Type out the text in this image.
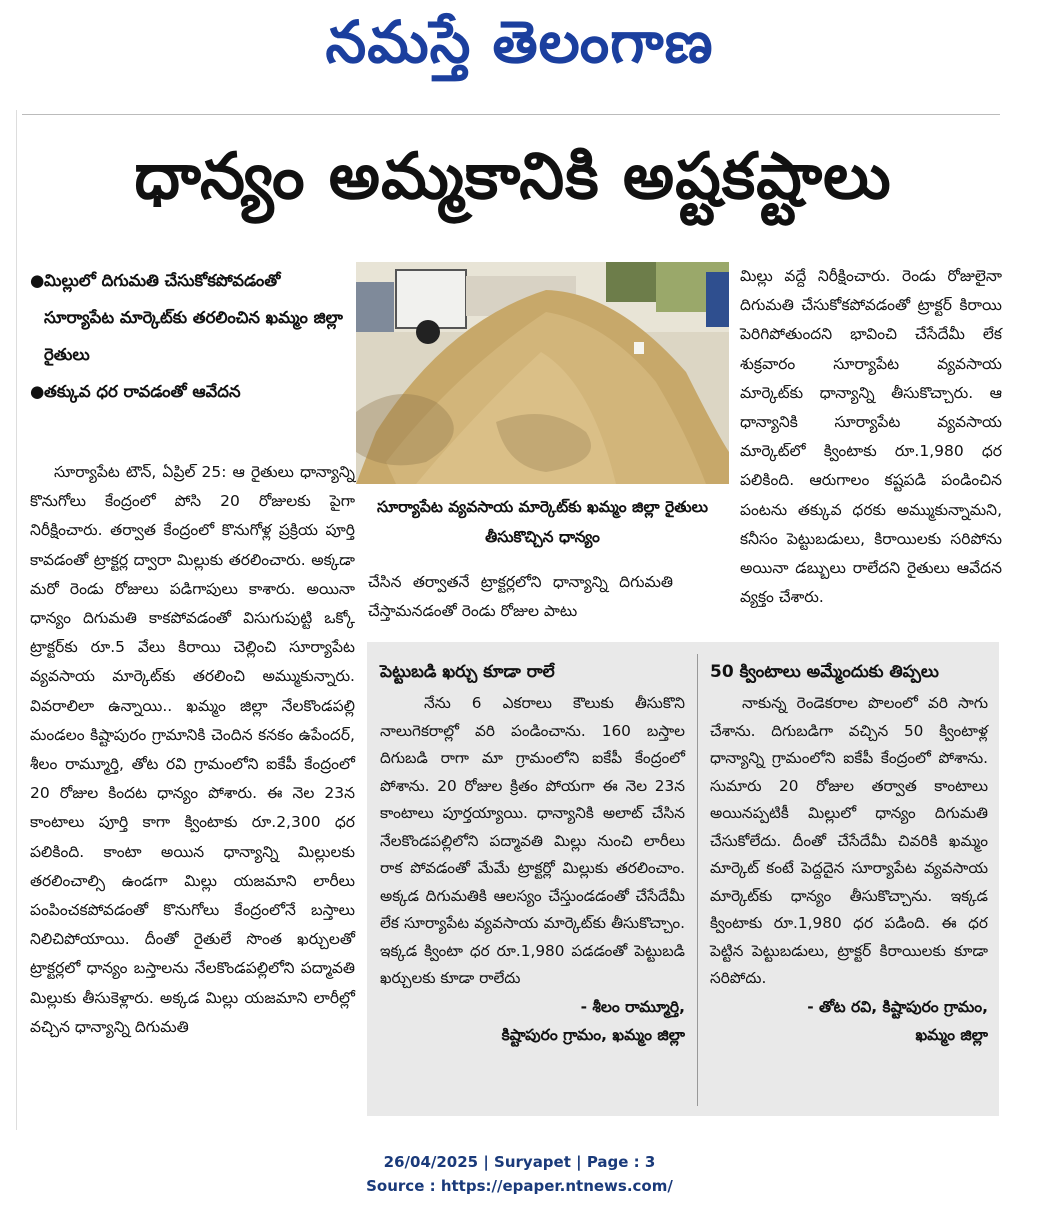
నమస్తే తెలంగాణ
ధాన్యం అమ్మకానికి అష్టకష్టాలు
● మిల్లులో దిగుమతి చేసుకోకపోవడంతో సూర్యాపేట మార్కెట్‌కు తరలించిన ఖమ్మం జిల్లా రైతులు
● తక్కువ ధర రావడంతో ఆవేదన

సూర్యాపేట టౌన్, ఏప్రిల్ 25: ఆ రైతులు ధాన్యాన్ని కొనుగోలు కేంద్రంలో పోసి 20 రోజులకు పైగా నిరీక్షించారు. తర్వాత కేంద్రంలో కొనుగోళ్ల ప్రక్రియ పూర్తి కావడంతో ట్రాక్టర్ల ద్వారా మిల్లుకు తరలించారు. అక్కడా మరో రెండు రోజులు పడిగాపులు కాశారు. అయినా ధాన్యం దిగుమతి కాకపోవడంతో విసుగుపుట్టి ఒక్కో ట్రాక్టర్‌కు రూ.5 వేలు కిరాయి చెల్లించి సూర్యాపేట వ్యవసాయ మార్కెట్‌కు తరలించి అమ్ముకున్నారు. వివరాలిలా ఉన్నాయి.. ఖమ్మం జిల్లా నేలకొండపల్లి మండలం కిష్టాపురం గ్రామానికి చెందిన కనకం ఉపేందర్, శీలం రామ్మూర్తి, తోట రవి గ్రామంలోని ఐకేపీ కేంద్రంలో 20 రోజుల కిందట ధాన్యం పోశారు. ఈ నెల 23న కాంటాలు పూర్తి కాగా క్వింటాకు రూ.2,300 ధర పలికింది. కాంటా అయిన ధాన్యాన్ని మిల్లులకు తరలించాల్సి ఉండగా మిల్లు యజమాని లారీలు పంపించకపోవడంతో కొనుగోలు కేంద్రంలోనే బస్తాలు నిలిచిపోయాయి. దీంతో రైతులే సొంత ఖర్చులతో ట్రాక్టర్లలో ధాన్యం బస్తాలను నేలకొండపల్లిలోని పద్మావతి మిల్లుకు తీసుకెళ్లారు. అక్కడ మిల్లు యజమాని లారీల్లో వచ్చిన ధాన్యాన్ని దిగుమతి

సూర్యాపేట వ్యవసాయ మార్కెట్‌కు ఖమ్మం జిల్లా రైతులు తీసుకొచ్చిన ధాన్యం

చేసిన తర్వాతనే ట్రాక్టర్లలోని ధాన్యాన్ని దిగుమతి చేస్తామనడంతో రెండు రోజుల పాటు

మిల్లు వద్దే నిరీక్షించారు. రెండు రోజులైనా దిగుమతి చేసుకోకపోవడంతో ట్రాక్టర్ కిరాయి పెరిగిపోతుందని భావించి చేసేదేమీ లేక శుక్రవారం సూర్యాపేట వ్యవసాయ మార్కెట్‌కు ధాన్యాన్ని తీసుకొచ్చారు. ఆ ధాన్యానికి సూర్యాపేట వ్యవసాయ మార్కెట్‌లో క్వింటాకు రూ.1,980 ధర పలికింది. ఆరుగాలం కష్టపడి పండించిన పంటను తక్కువ ధరకు అమ్ముకున్నామని, కనీసం పెట్టుబడులు, కిరాయిలకు సరిపోను అయినా డబ్బులు రాలేదని రైతులు ఆవేదన వ్యక్తం చేశారు.

పెట్టుబడి ఖర్చు కూడా రాలే

నేను 6 ఎకరాలు కౌలుకు తీసుకొని నాలుగెకరాల్లో వరి పండించాను. 160 బస్తాల దిగుబడి రాగా మా గ్రామంలోని ఐకేపీ కేంద్రంలో పోశాను. 20 రోజుల క్రితం పోయగా ఈ నెల 23న కాంటాలు పూర్తయ్యాయి. ధాన్యానికి అలాట్ చేసిన నేలకొండపల్లిలోని పద్మావతి మిల్లు నుంచి లారీలు రాక పోవడంతో మేమే ట్రాక్టర్లో మిల్లుకు తరలించాం. అక్కడ దిగుమతికి ఆలస్యం చేస్తుండడంతో చేసేదేమీ లేక సూర్యాపేట వ్యవసాయ మార్కెట్‌కు తీసుకొచ్చాం. ఇక్కడ క్వింటా ధర రూ.1,980 పడడంతో పెట్టుబడి ఖర్చులకు కూడా రాలేదు

- శీలం రామ్మూర్తి,
కిష్టాపురం గ్రామం, ఖమ్మం జిల్లా
50 క్వింటాలు అమ్మేందుకు తిప్పలు

నాకున్న రెండెకరాల పొలంలో వరి సాగు చేశాను. దిగుబడిగా వచ్చిన 50 క్వింటాళ్ల ధాన్యాన్ని గ్రామంలోని ఐకేపీ కేంద్రంలో పోశాను. సుమారు 20 రోజుల తర్వాత కాంటాలు అయినప్పటికీ మిల్లులో ధాన్యం దిగుమతి చేసుకోలేదు. దీంతో చేసేదేమీ చివరికి ఖమ్మం మార్కెట్ కంటే పెద్దదైన సూర్యాపేట వ్యవసాయ మార్కెట్‌కు ధాన్యం తీసుకొచ్చాను. ఇక్కడ క్వింటాకు రూ.1,980 ధర పడింది. ఈ ధర పెట్టిన పెట్టుబడులు, ట్రాక్టర్ కిరాయిలకు కూడా సరిపోదు.

- తోట రవి, కిష్టాపురం గ్రామం,
ఖమ్మం జిల్లా
26/04/2025 | Suryapet | Page : 3
Source : https://epaper.ntnews.com/
